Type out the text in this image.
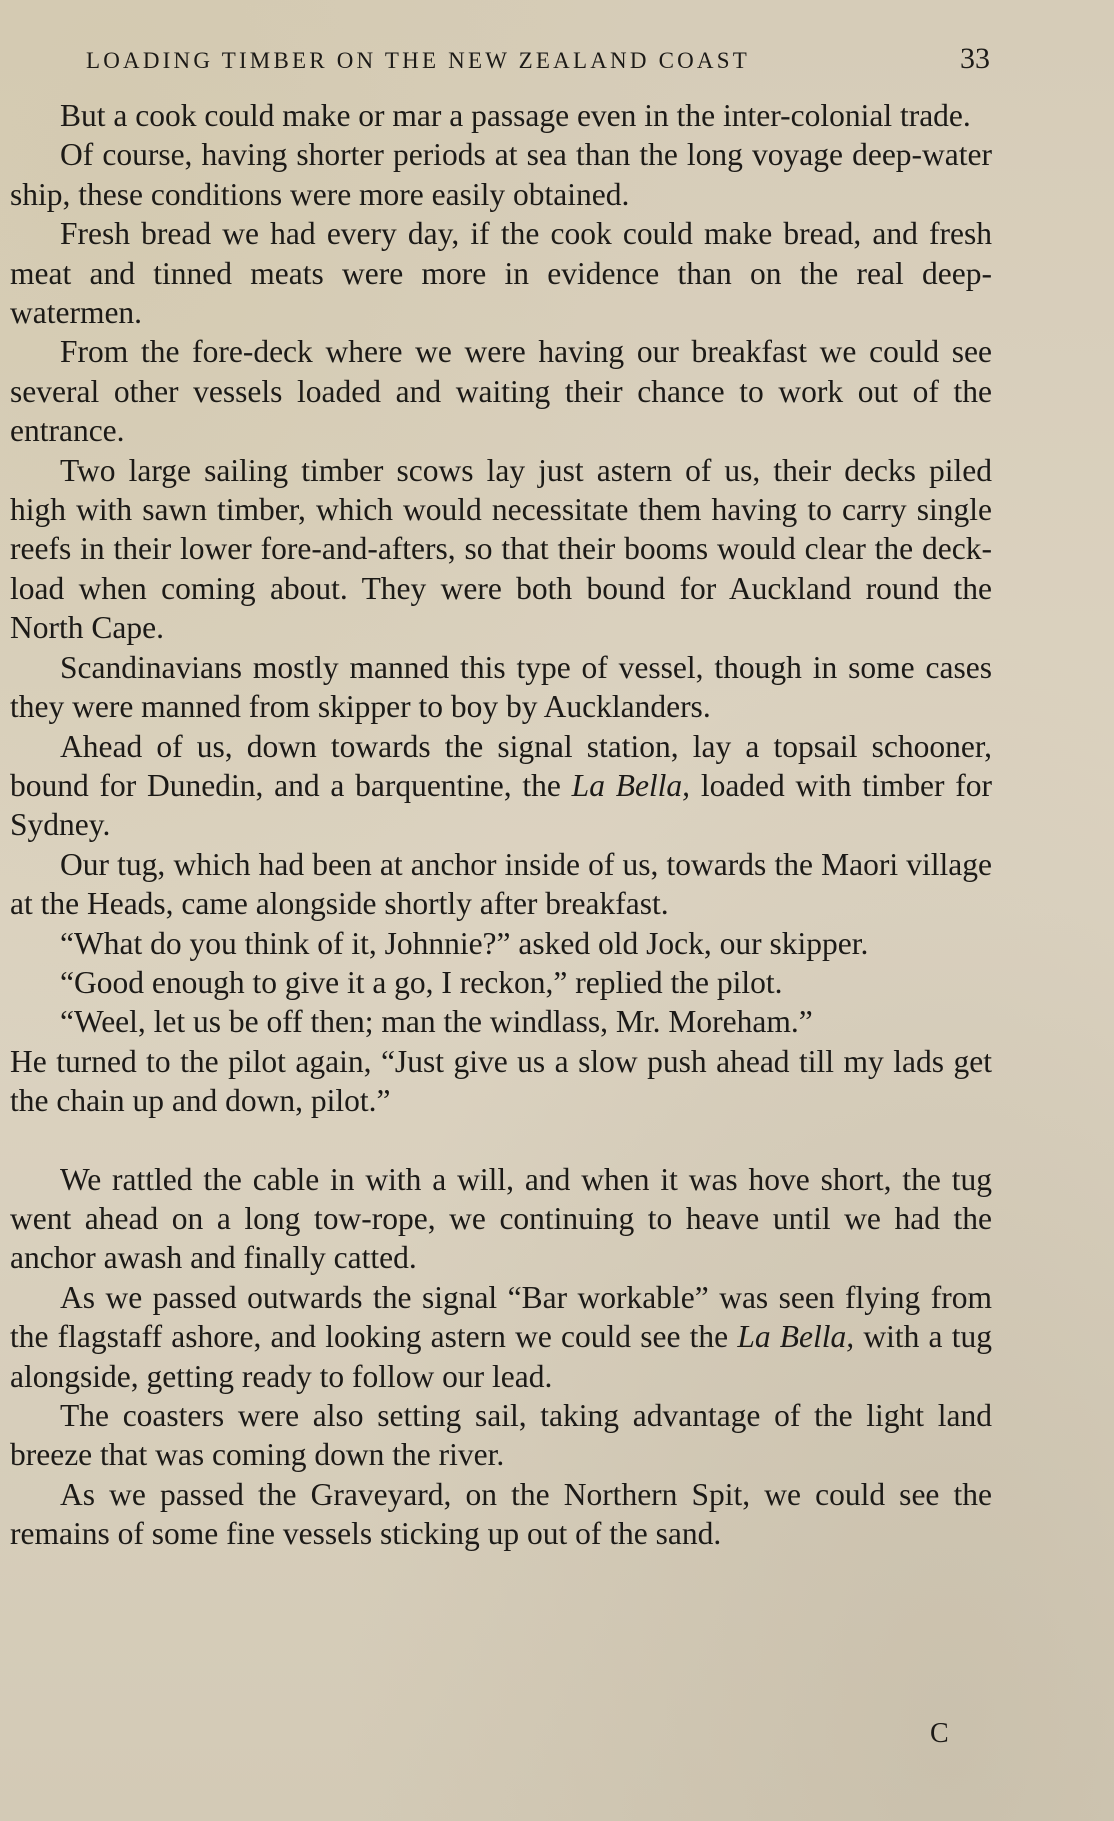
LOADING TIMBER ON THE NEW ZEALAND COAST	33

But a cook could make or mar a passage even in the inter-colonial trade.

Of course, having shorter periods at sea than the long voyage deep-water ship, these conditions were more easily obtained.

Fresh bread we had every day, if the cook could make bread, and fresh meat and tinned meats were more in evidence than on the real deep-watermen.

From the fore-deck where we were having our breakfast we could see several other vessels loaded and waiting their chance to work out of the entrance.

Two large sailing timber scows lay just astern of us, their decks piled high with sawn timber, which would necessitate them having to carry single reefs in their lower fore-and-afters, so that their booms would clear the deck-load when coming about. They were both bound for Auckland round the North Cape.

Scandinavians mostly manned this type of vessel, though in some cases they were manned from skipper to boy by Aucklanders.

Ahead of us, down towards the signal station, lay a topsail schooner, bound for Dunedin, and a barquentine, the La Bella, loaded with timber for Sydney.

Our tug, which had been at anchor inside of us, towards the Maori village at the Heads, came alongside shortly after breakfast.

“What do you think of it, Johnnie?” asked old Jock, our skipper.

“Good enough to give it a go, I reckon,” replied the pilot.

“Weel, let us be off then; man the windlass, Mr. Moreham.”

He turned to the pilot again, “Just give us a slow push ahead till my lads get the chain up and down, pilot.”

We rattled the cable in with a will, and when it was hove short, the tug went ahead on a long tow-rope, we continuing to heave until we had the anchor awash and finally catted.

As we passed outwards the signal “Bar workable” was seen flying from the flagstaff ashore, and looking astern we could see the La Bella, with a tug alongside, getting ready to follow our lead.

The coasters were also setting sail, taking advantage of the light land breeze that was coming down the river.

As we passed the Graveyard, on the Northern Spit, we could see the remains of some fine vessels sticking up out of the sand.

C
